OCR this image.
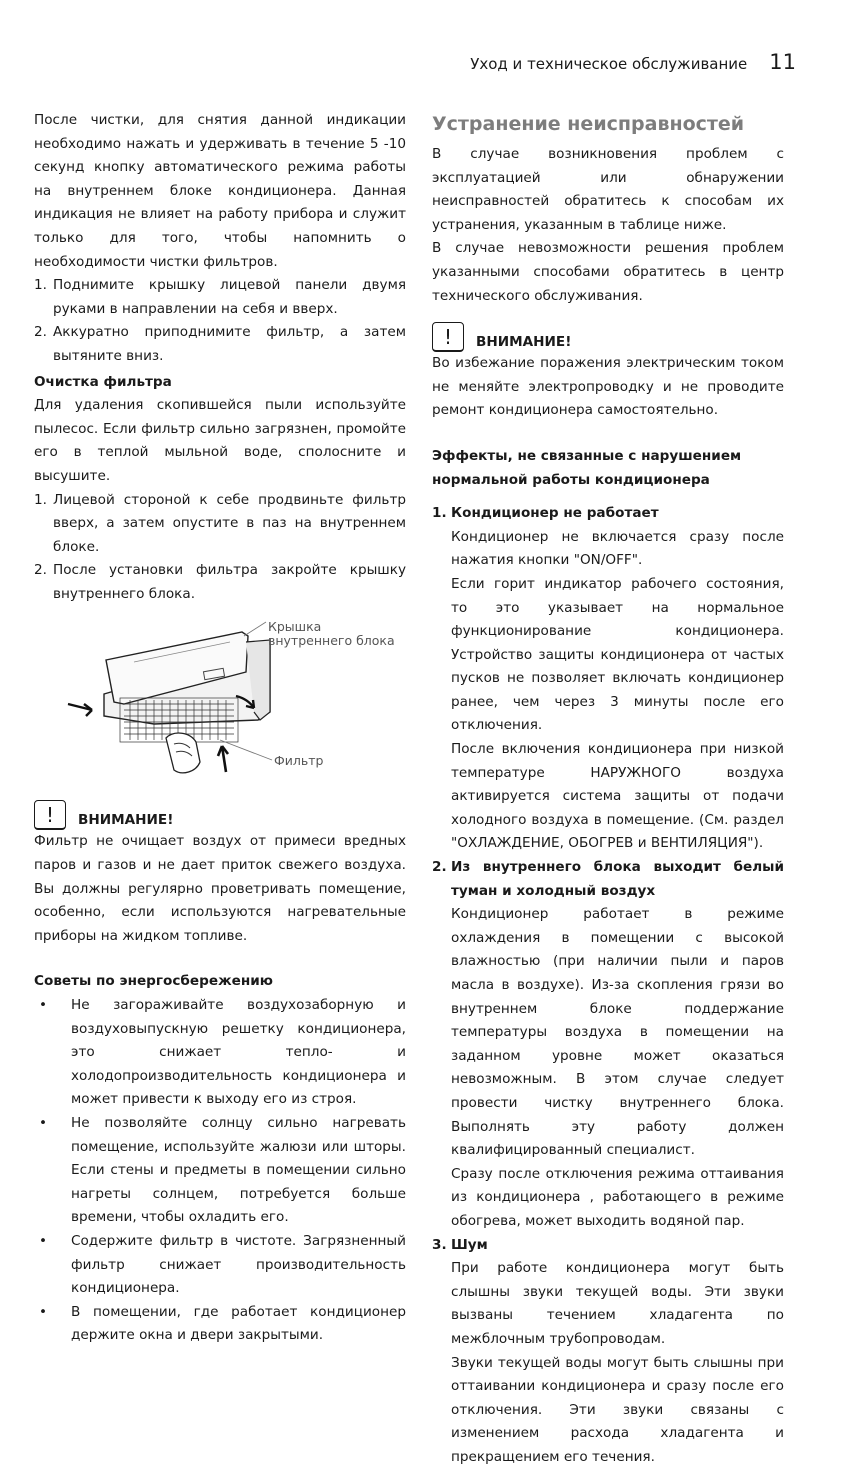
Уход и техническое обслуживание 11

После чистки, для снятия данной индикации необходимо нажать и удерживать в течение 5 -10 секунд кнопку автоматического режима работы на внутреннем блоке кондиционера. Данная индикация не влияет на работу прибора и служит только для того, чтобы напомнить о необходимости чистки фильтров.

1. Поднимите крышку лицевой панели двумя руками в направлении на себя и вверх.
2. Аккуратно приподнимите фильтр, а затем вытяните вниз.
Очистка фильтра

Для удаления скопившейся пыли используйте пылесос. Если фильтр сильно загрязнен, промойте его в теплой мыльной воде, сполосните и высушите.

1. Лицевой стороной к себе продвиньте фильтр вверх, а затем опустите в паз на внутреннем блоке.
2. После установки фильтра закройте крышку внутреннего блока.
Крышка
внутреннего блока
Фильтр
!	ВНИМАНИЕ!

Фильтр не очищает воздух от примеси вредных паров и газов и не дает приток свежего воздуха. Вы должны регулярно проветривать помещение, особенно, если используются нагревательные приборы на жидком топливе.

Советы по энергосбережению
• Не загораживайте воздухозаборную и воздуховыпускную решетку кондиционера, это снижает тепло- и холодопроизводительность кондиционера и может привести к выходу его из строя.
• Не позволяйте солнцу сильно нагревать помещение, используйте жалюзи или шторы. Если стены и предметы в помещении сильно нагреты солнцем, потребуется больше времени, чтобы охладить его.
• Содержите фильтр в чистоте. Загрязненный фильтр снижает производительность кондиционера.
• В помещении, где работает кондиционер держите окна и двери закрытыми.
Устранение неисправностей

В случае возникновения проблем с эксплуатацией или обнаружении неисправностей обратитесь к способам их устранения, указанным в таблице ниже.

В случае невозможности решения проблем указанными способами обратитесь в центр технического обслуживания.

!	ВНИМАНИЕ!

Во избежание поражения электрическим током не меняйте электропроводку и не проводите ремонт кондиционера самостоятельно.

Эффекты, не связанные с нарушением нормальной работы кондиционера
1. Кондиционер не работает

Кондиционер не включается сразу после нажатия кнопки "ON/OFF".

Если горит индикатор рабочего состояния, то это указывает на нормальное функционирование кондиционера. Устройство защиты кондиционера от частых пусков не позволяет включать кондиционер ранее, чем через 3 минуты после его отключения.

После включения кондиционера при низкой температуре НАРУЖНОГО воздуха активируется система защиты от подачи холодного воздуха в помещение. (См. раздел "ОХЛАЖДЕНИЕ, ОБОГРЕВ и ВЕНТИЛЯЦИЯ").

2. Из внутреннего блока выходит белый туман и холодный воздух

Кондиционер работает в режиме охлаждения в помещении с высокой влажностью (при наличии пыли и паров масла в воздухе). Из-за скопления грязи во внутреннем блоке поддержание температуры воздуха в помещении на заданном уровне может оказаться невозможным. В этом случае следует провести чистку внутреннего блока. Выполнять эту работу должен квалифицированный специалист.

Сразу после отключения режима оттаивания из кондиционера , работающего в режиме обогрева, может выходить водяной пар.

3. Шум

При работе кондиционера могут быть слышны звуки текущей воды. Эти звуки вызваны течением хладагента по межблочным трубопроводам.

Звуки текущей воды могут быть слышны при оттаивании кондиционера и сразу после его отключения. Эти звуки связаны с изменением расхода хладагента и прекращением его течения.
